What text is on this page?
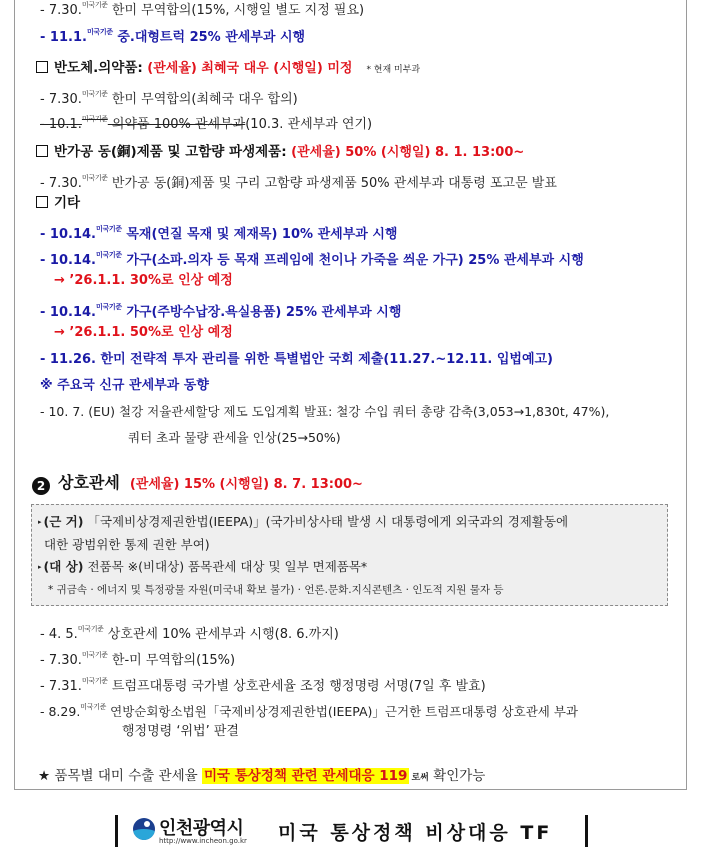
- 7.30.$^{미국기준}$ 한미 무역합의(15%, 시행일 별도 지정 필요)
- 11.1.$^{미국기준}$ 중.대형트럭 25% 관세부과 시행
반도체.의약품: (관세율) 최혜국 대우 (시행일) 미정 * 현재 미부과
- 7.30.$^{미국기준}$ 한미 무역합의(최혜국 대우 합의)
- 10.1.$^{미국기준}$ 의약품 100% 관세부과(10.3. 관세부과 연기)
반가공 동(銅)제품 및 고함량 파생제품: (관세율) 50% (시행일) 8. 1. 13:00~
- 7.30.$^{미국기준}$ 반가공 동(銅)제품 및 구리 고함량 파생제품 50% 관세부과 대통령 포고문 발표
기타
- 10.14.$^{미국기준}$ 목재(연질 목재 및 제재목) 10% 관세부과 시행
- 10.14.$^{미국기준}$ 가구(소파.의자 등 목재 프레임에 천이나 가죽을 씌운 가구) 25% 관세부과 시행
→ ’26.1.1. 30%로 인상 예정
- 10.14.$^{미국기준}$ 가구(주방수납장.욕실용품) 25% 관세부과 시행
→ ’26.1.1. 50%로 인상 예정
- 11.26. 한미 전략적 투자 관리를 위한 특별법안 국회 제출(11.27.~12.11. 입법예고)
※ 주요국 신규 관세부과 동향
- 10. 7. (EU) 철강 저율관세할당 제도 도입계획 발표: 철강 수입 쿼터 총량 감축(3,053→1,830t, 47%),
쿼터 초과 물량 관세율 인상(25→50%)
2 상호관세 (관세율) 15% (시행일) 8. 7. 13:00~
▸ (근 거) 「국제비상경제권한법(IEEPA)」(국가비상사태 발생 시 대통령에게 외국과의 경제활동에
대한 광범위한 통제 권한 부여)
▸ (대 상) 전품목 ※(비대상) 품목관세 대상 및 일부 면제품목*
* 귀금속 · 에너지 및 특정광물 자원(미국내 확보 불가) · 언론.문화.지식콘텐츠 · 인도적 지원 물자 등
- 4. 5.$^{미국기준}$ 상호관세 10% 관세부과 시행(8. 6.까지)
- 7.30.$^{미국기준}$ 한-미 무역합의(15%)
- 7.31.$^{미국기준}$ 트럼프대통령 국가별 상호관세율 조정 행정명령 서명(7일 후 발효)
- 8.29.$^{미국기준}$ 연방순회항소법원「국제비상경제권한법(IEEPA)」근거한 트럼프대통령 상호관세 부과
행정명령 ‘위법’ 판결
★ 품목별 대미 수출 관세율 미국 통상정책 관련 관세대응 119 로써 확인가능
인천광역시
http://www.incheon.go.kr 미국 통상정책 비상대응 TF
